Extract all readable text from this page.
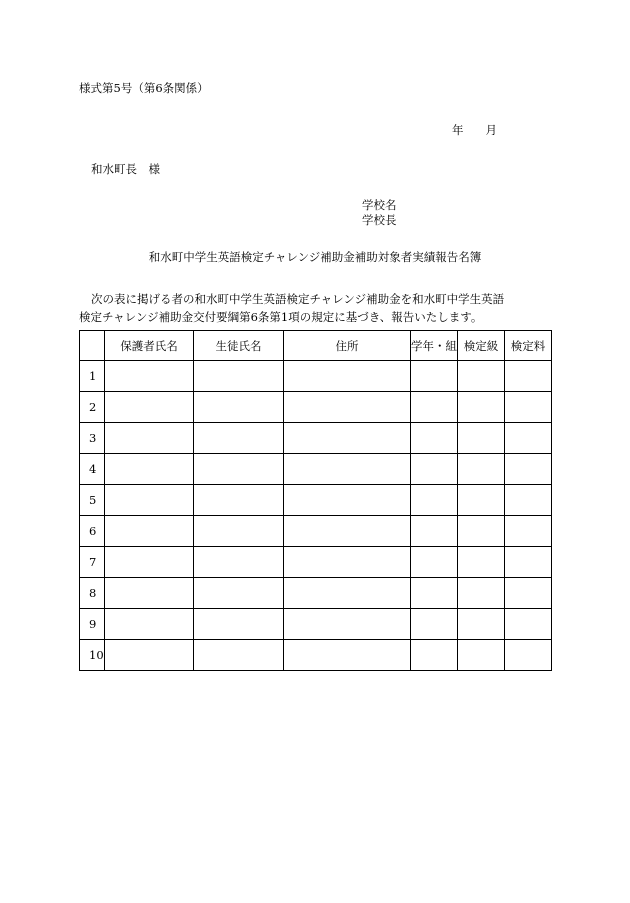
様式第5号（第6条関係）
年 月
和水町長　様
学校名
学校長
和水町中学生英語検定チャレンジ補助金補助対象者実績報告名簿
次の表に掲げる者の和水町中学生英語検定チャレンジ補助金を和水町中学生英語
検定チャレンジ補助金交付要綱第6条第1項の規定に基づき、報告いたします。
	保護者氏名	生徒氏名	住所	学年・組	検定級	検定料
1						
2						
3						
4						
5						
6						
7						
8						
9						
10						
